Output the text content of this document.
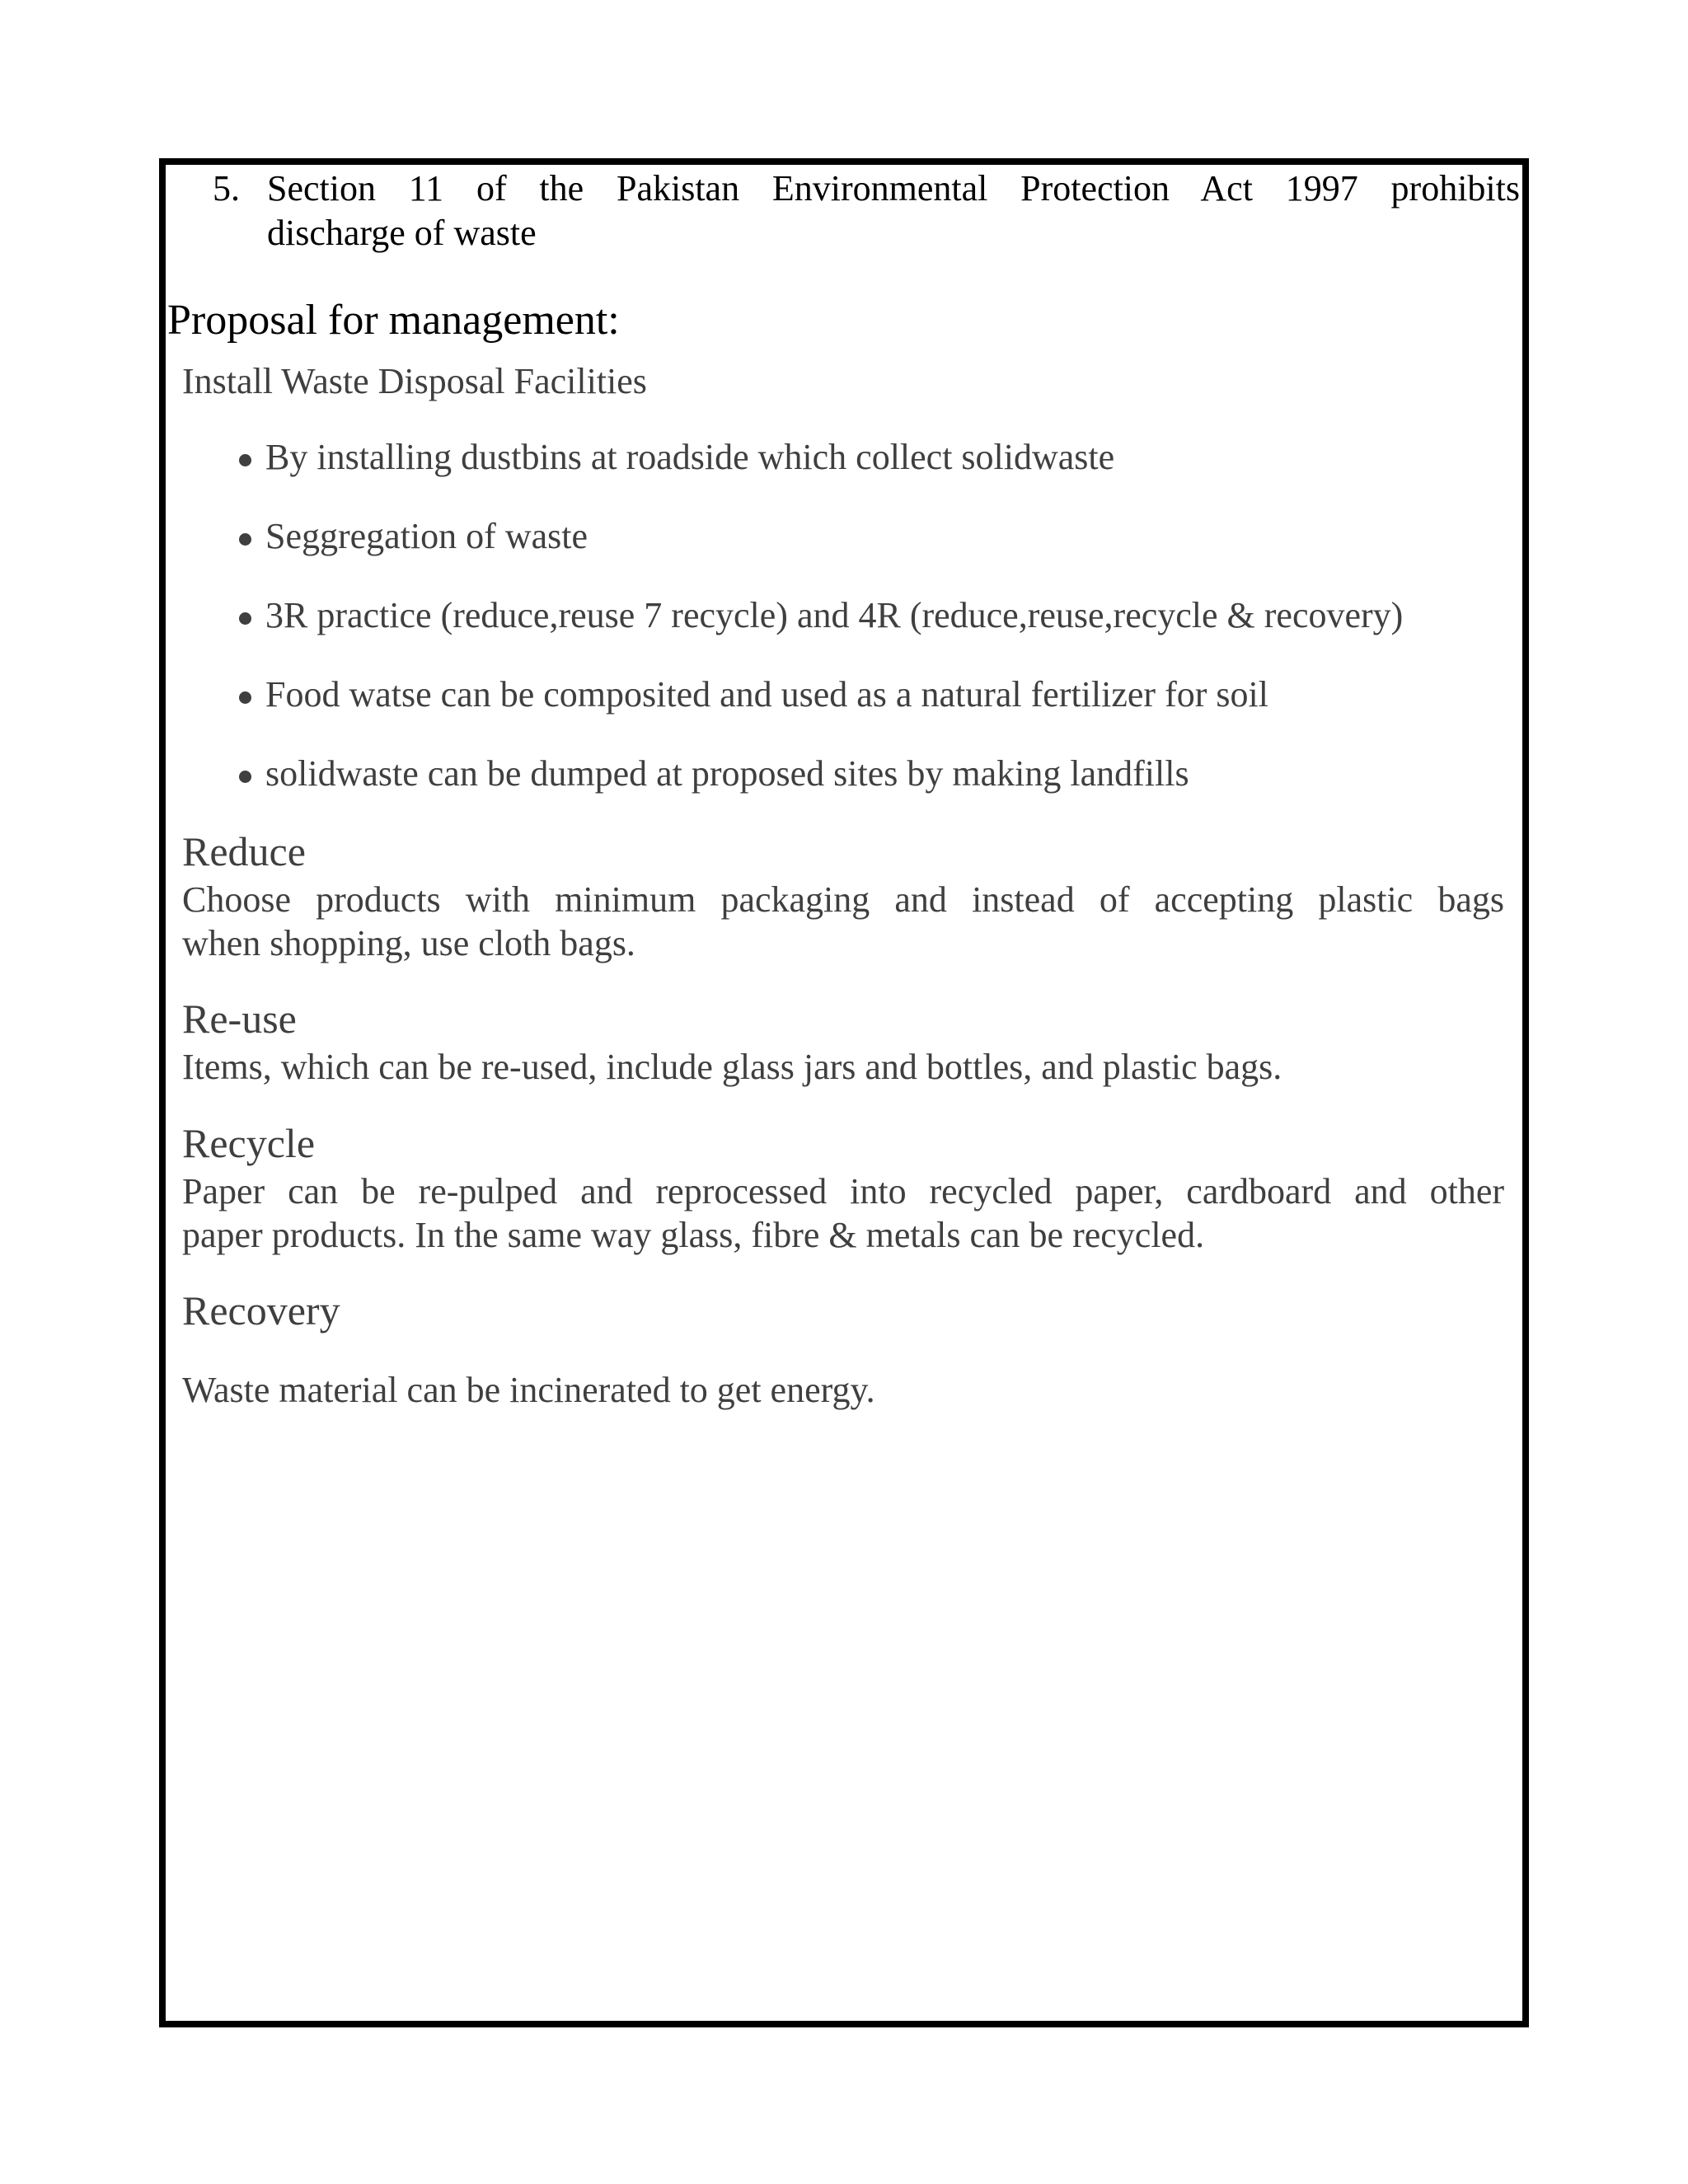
5. Section 11 of the Pakistan Environmental Protection Act 1997 prohibits
discharge of waste
Proposal for management:
Install Waste Disposal Facilities
By installing dustbins at roadside which collect solidwaste
Seggregation of waste
3R practice (reduce,reuse 7 recycle) and 4R (reduce,reuse,recycle & recovery)
Food watse can be composited and used as a natural fertilizer for soil
solidwaste can be dumped at proposed sites by making landfills
Reduce
Choose products with minimum packaging and instead of accepting plastic bags
when shopping, use cloth bags.
Re-use
Items, which can be re-used, include glass jars and bottles, and plastic bags.
Recycle
Paper can be re-pulped and reprocessed into recycled paper, cardboard and other
paper products. In the same way glass, fibre & metals can be recycled.
Recovery
Waste material can be incinerated to get energy.
